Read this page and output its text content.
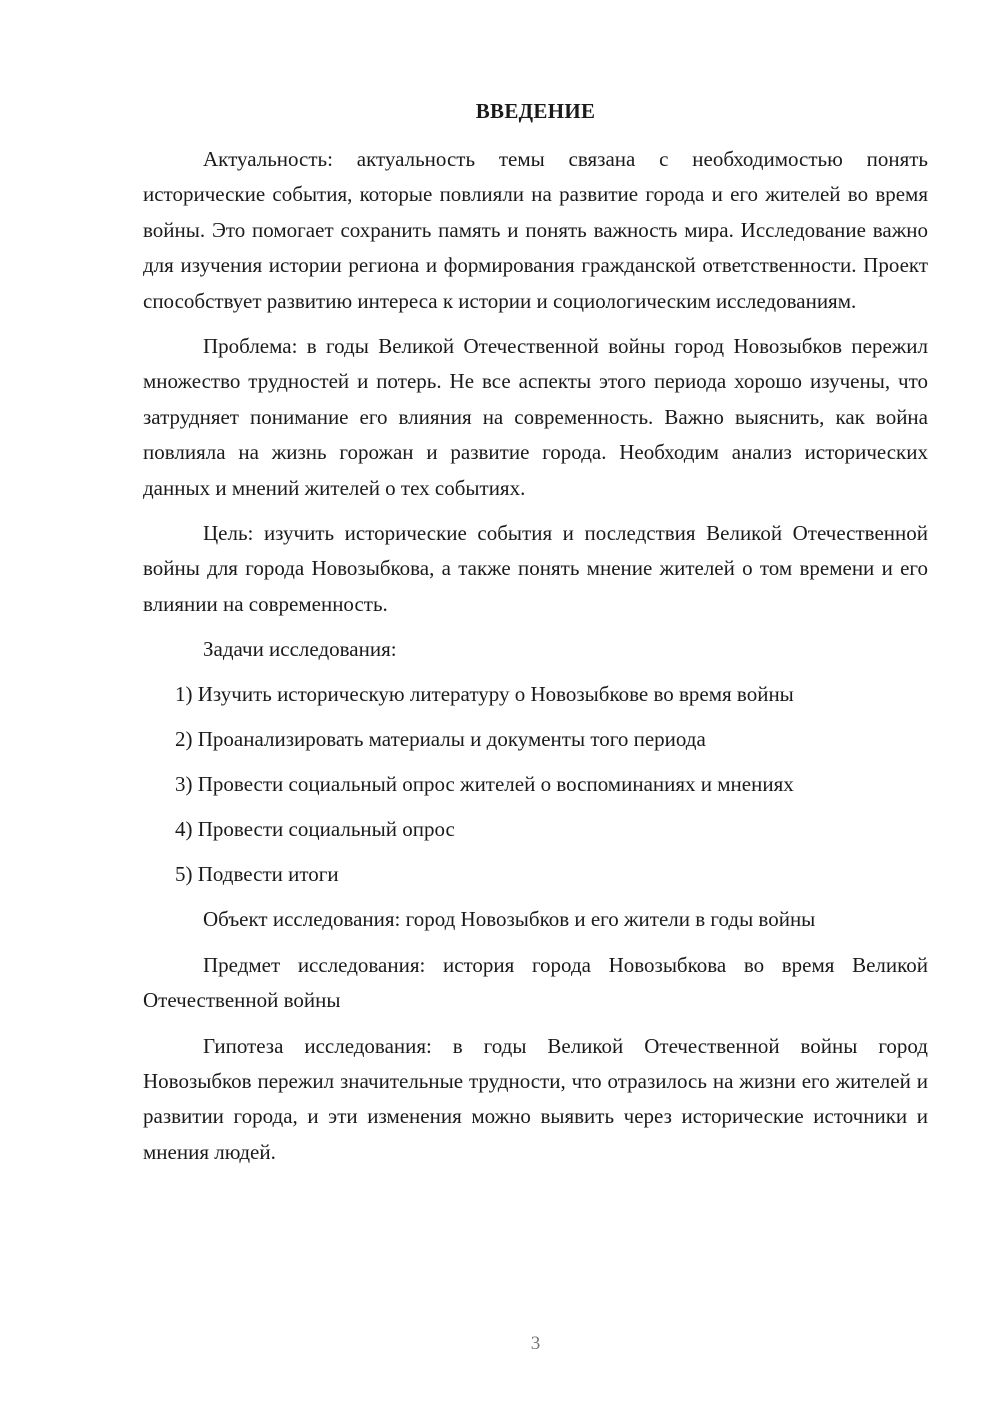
ВВЕДЕНИЕ

Актуальность: актуальность темы связана с необходимостью понять исторические события, которые повлияли на развитие города и его жителей во время войны. Это помогает сохранить память и понять важность мира. Исследование важно для изучения истории региона и формирования гражданской ответственности. Проект способствует развитию интереса к истории и социологическим исследованиям.

Проблема: в годы Великой Отечественной войны город Новозыбков пережил множество трудностей и потерь. Не все аспекты этого периода хорошо изучены, что затрудняет понимание его влияния на современность. Важно выяснить, как война повлияла на жизнь горожан и развитие города. Необходим анализ исторических данных и мнений жителей о тех событиях.

Цель: изучить исторические события и последствия Великой Отечественной войны для города Новозыбкова, а также понять мнение жителей о том времени и его влиянии на современность.

Задачи исследования:

1) Изучить историческую литературу о Новозыбкове во время войны
2) Проанализировать материалы и документы того периода
3) Провести социальный опрос жителей о воспоминаниях и мнениях
4) Провести социальный опрос
5) Подвести итоги

Объект исследования: город Новозыбков и его жители в годы войны

Предмет исследования: история города Новозыбкова во время Великой Отечественной войны

Гипотеза исследования: в годы Великой Отечественной войны город Новозыбков пережил значительные трудности, что отразилось на жизни его жителей и развитии города, и эти изменения можно выявить через исторические источники и мнения людей.

3
